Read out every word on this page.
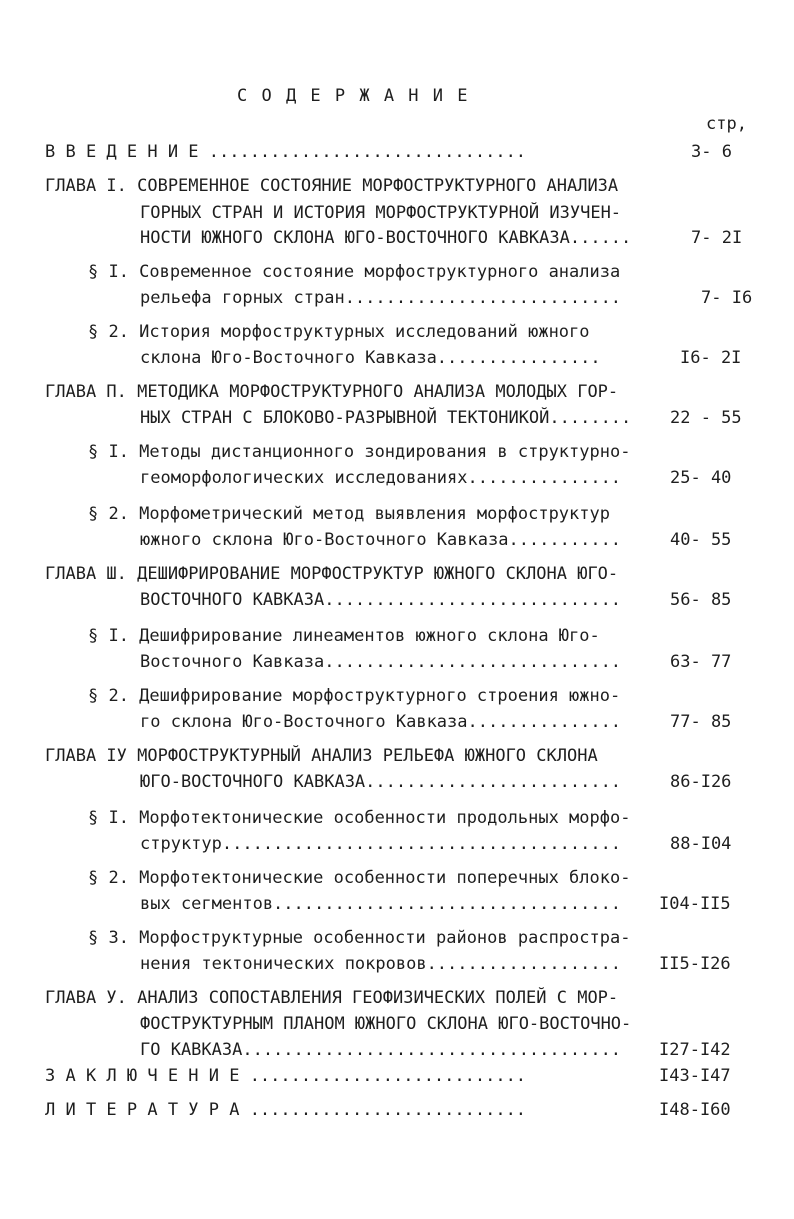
С О Д Е Р Ж А Н И Е
стр,
В В Е Д Е Н И Е ...............................	3- 6
ГЛАВА I. СОВРЕМЕННОЕ СОСТОЯНИЕ МОРФОСТРУКТУРНОГО АНАЛИЗА
ГОРНЫХ СТРАН И ИСТОРИЯ МОРФОСТРУКТУРНОЙ ИЗУЧЕН-
НОСТИ ЮЖНОГО СКЛОНА ЮГО-ВОСТОЧНОГО КАВКАЗА......	7- 2I
§ I. Современное состояние морфоструктурного анализа
рельефа горных стран...........................	7- I6
§ 2. История морфоструктурных исследований южного
склона Юго-Восточного Кавказа................	I6- 2I
ГЛАВА П. МЕТОДИКА МОРФОСТРУКТУРНОГО АНАЛИЗА МОЛОДЫХ ГОР-
НЫХ СТРАН С БЛОКОВО-РАЗРЫВНОЙ ТЕКТОНИКОЙ........ 22 - 55
§ I. Методы дистанционного зондирования в структурно-
геоморфологических исследованиях...............	25- 40
§ 2. Морфометрический метод выявления морфоструктур
южного склона Юго-Восточного Кавказа...........	40- 55
ГЛАВА Ш. ДЕШИФРИРОВАНИЕ МОРФОСТРУКТУР ЮЖНОГО СКЛОНА ЮГО-
ВОСТОЧНОГО КАВКАЗА.............................	56- 85
§ I. Дешифрирование линеаментов южного склона Юго-
Восточного Кавказа.............................	63- 77
§ 2. Дешифрирование морфоструктурного строения южно-
го склона Юго-Восточного Кавказа...............	77- 85
ГЛАВА IУ МОРФОСТРУКТУРНЫЙ АНАЛИЗ РЕЛЬЕФА ЮЖНОГО СКЛОНА
ЮГО-ВОСТОЧНОГО КАВКАЗА.........................	86-I26
§ I. Морфотектонические особенности продольных морфо-
структур.......................................	88-I04
§ 2. Морфотектонические особенности поперечных блоко-
вых сегментов.................................. I04-II5
§ 3. Морфоструктурные особенности районов распростра-
нения тектонических покровов................... II5-I26
ГЛАВА У. АНАЛИЗ СОПОСТАВЛЕНИЯ ГЕОФИЗИЧЕСКИХ ПОЛЕЙ С МОР-
ФОСТРУКТУРНЫМ ПЛАНОМ ЮЖНОГО СКЛОНА ЮГО-ВОСТОЧНО-
ГО КАВКАЗА..................................... I27-I42
З А К Л Ю Ч Е Н И Е ...........................	I43-I47
Л И Т Е Р А Т У Р А ...........................	I48-I60
